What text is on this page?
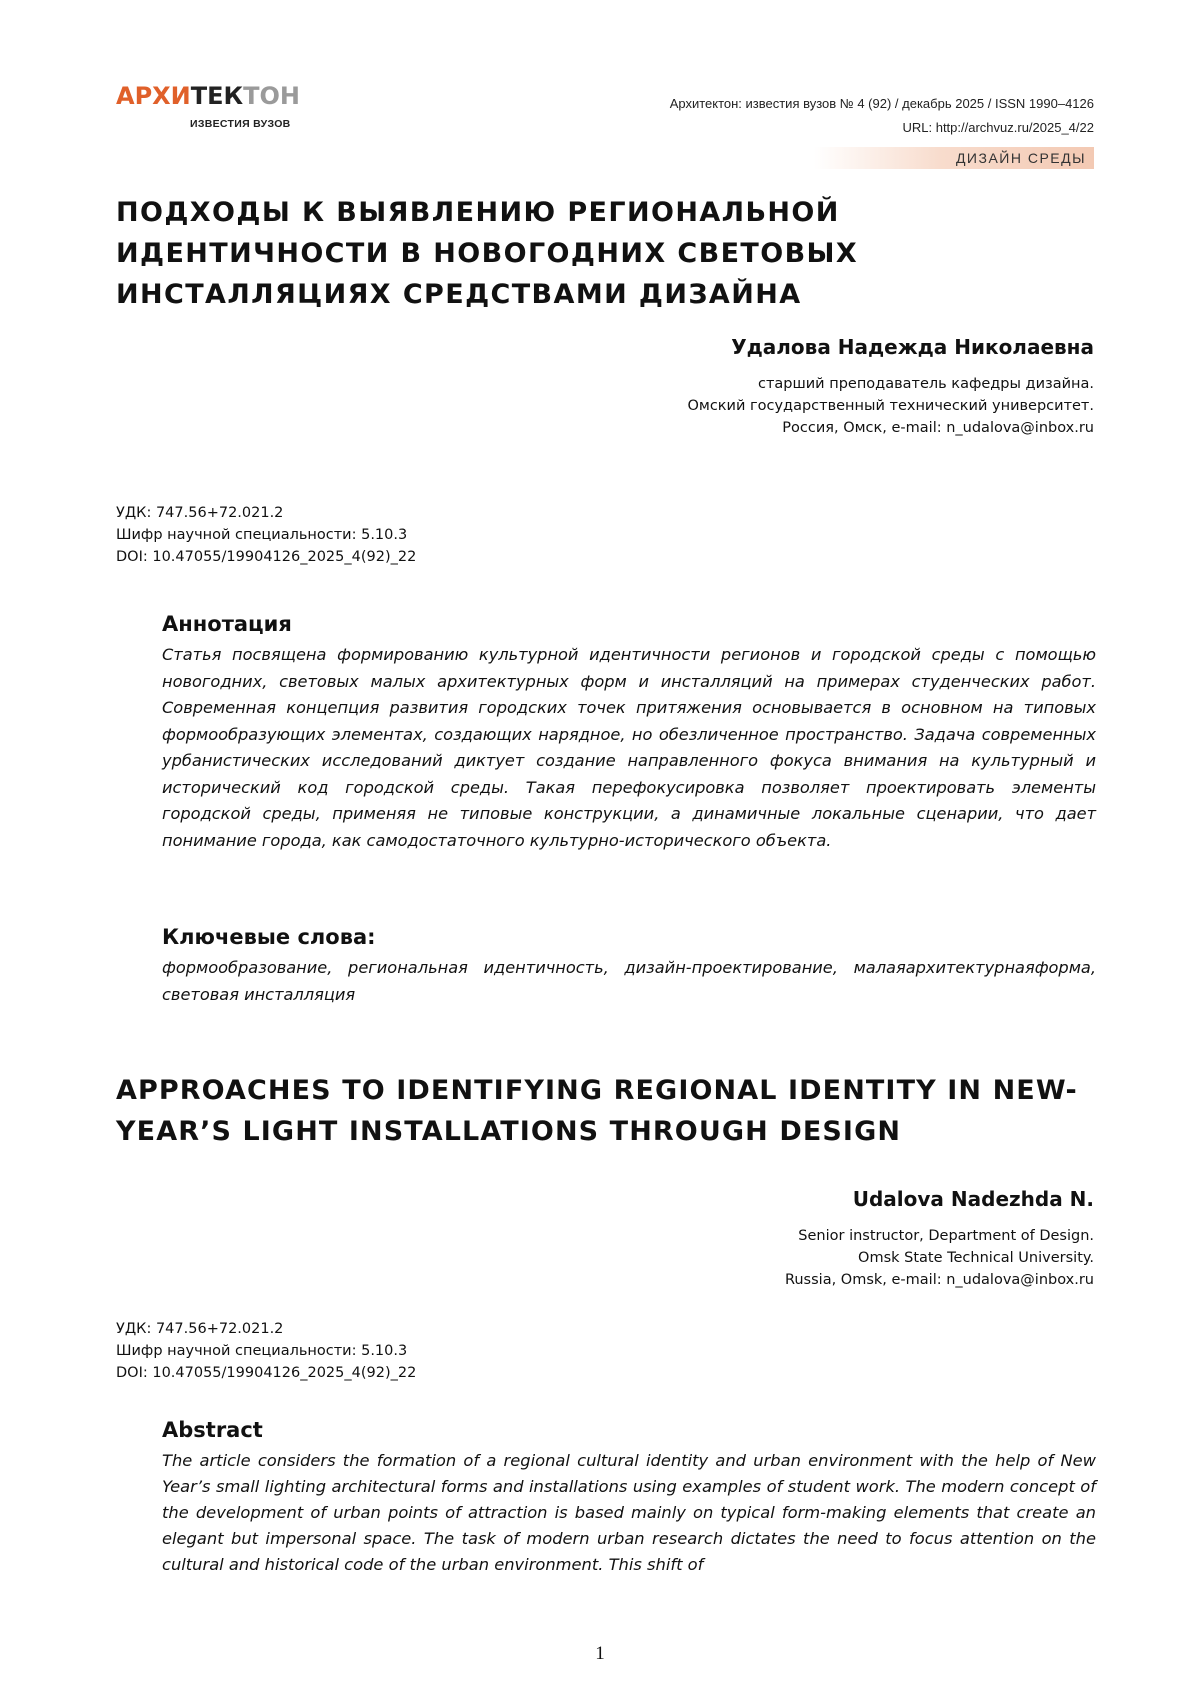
АРХИТЕКТОН
ИЗВЕСТИЯ ВУЗОВ
Архитектон: известия вузов № 4 (92) / декабрь 2025 / ISSN 1990–4126
URL: http://archvuz.ru/2025_4/22
ДИЗАЙН СРЕДЫ
ПОДХОДЫ К ВЫЯВЛЕНИЮ РЕГИОНАЛЬНОЙ
ИДЕНТИЧНОСТИ В НОВОГОДНИХ СВЕТОВЫХ
ИНСТАЛЛЯЦИЯХ СРЕДСТВАМИ ДИЗАЙНА
Удалова Надежда Николаевна
старший преподаватель кафедры дизайна.
Омский государственный технический университет.
Россия, Омск, e-mail: n_udalova@inbox.ru
УДК: 747.56+72.021.2
Шифр научной специальности: 5.10.3
DOI: 10.47055/19904126_2025_4(92)_22
Аннотация

Статья посвящена формированию культурной идентичности регионов и городской среды с помощью новогодних, световых малых архитектурных форм и инсталляций на примерах студенческих работ. Современная концепция развития городских точек притяжения основывается в основном на типовых формообразующих элементах, создающих нарядное, но обезличенное пространство. Задача современных урбанистических исследований диктует создание направленного фокуса внимания на культурный и исторический код городской среды. Такая перефокусировка позволяет проектировать элементы городской среды, применяя не типовые конструкции, а динамичные локальные сценарии, что дает понимание города, как самодостаточного культурно-исторического объекта.

Ключевые слова:

формообразование, региональная идентичность, дизайн-проектирование, малаяархитектурнаяформа, световая инсталляция

APPROACHES TO IDENTIFYING REGIONAL IDENTITY IN NEW-
YEAR’S LIGHT INSTALLATIONS THROUGH DESIGN
Udalova Nadezhda N.
Senior instructor, Department of Design.
Omsk State Technical University.
Russia, Omsk, e-mail: n_udalova@inbox.ru
УДК: 747.56+72.021.2
Шифр научной специальности: 5.10.3
DOI: 10.47055/19904126_2025_4(92)_22
Abstract

The article considers the formation of a regional cultural identity and urban environment with the help of New Year’s small lighting architectural forms and installations using examples of student work. The modern concept of the development of urban points of attraction is based mainly on typical form-making elements that create an elegant but impersonal space. The task of modern urban research dictates the need to focus attention on the cultural and historical code of the urban environment. This shift of

1
